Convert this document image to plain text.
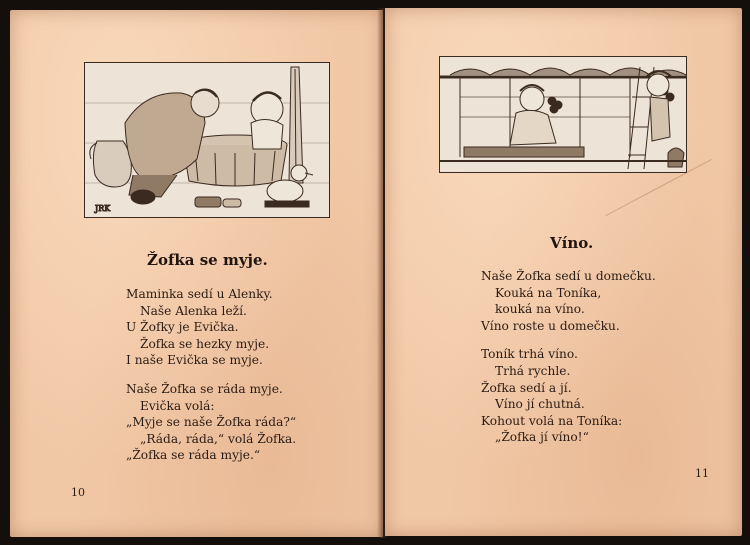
JRK
Žofka se myje.
Maminka sedí u Alenky.
Naše Alenka leží.
U Žofky je Evička.
Žofka se hezky myje.
I naše Evička se myje.
Naše Žofka se ráda myje.
Evička volá:
„Myje se naše Žofka ráda?“
„Ráda, ráda,“ volá Žofka.
„Žofka se ráda myje.“
10
Víno.
Naše Žofka sedí u domečku.
Kouká na Toníka,
kouká na víno.
Víno roste u domečku.
Toník trhá víno.
Trhá rychle.
Žofka sedí a jí.
Víno jí chutná.
Kohout volá na Toníka:
„Žofka jí víno!“
11
